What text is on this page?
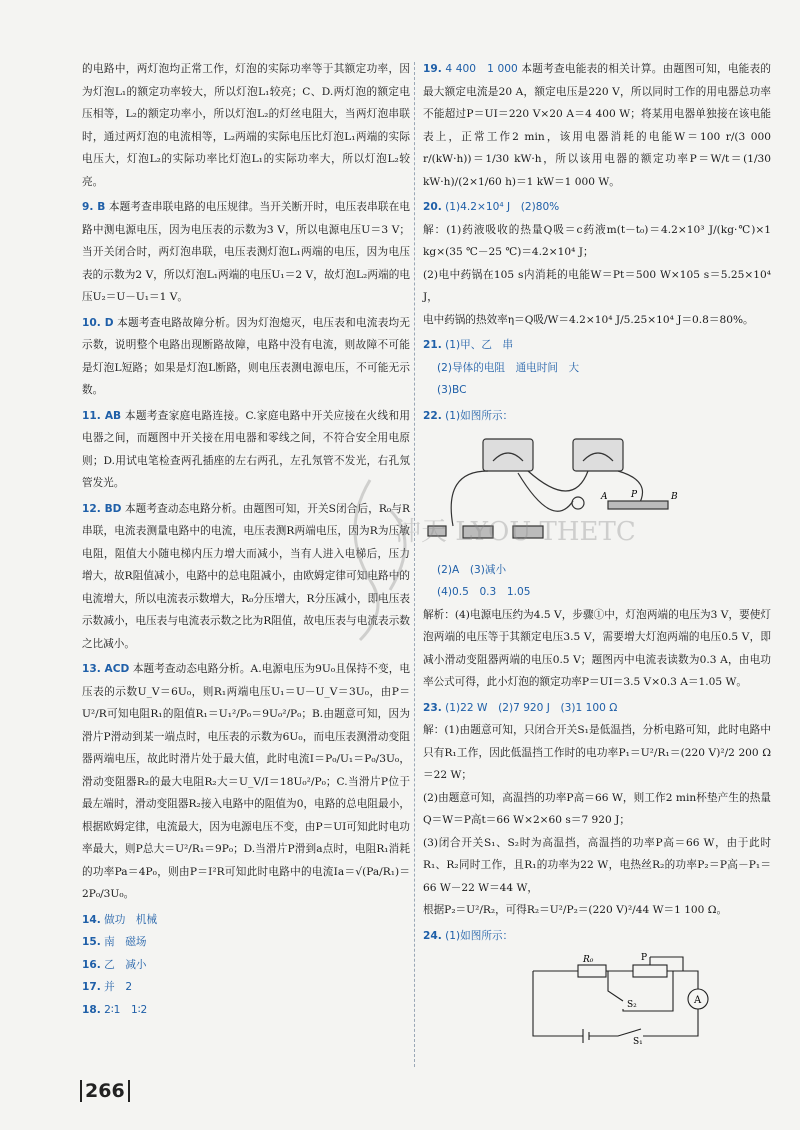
的电路中，两灯泡均正常工作，灯泡的实际功率等于其额定功率，因为灯泡L₁的额定功率较大，所以灯泡L₁较亮；C、D.两灯泡的额定电压相等，L₂的额定功率小，所以灯泡L₂的灯丝电阻大，当两灯泡串联时，通过两灯泡的电流相等，L₂两端的实际电压比灯泡L₁两端的实际电压大，灯泡L₂的实际功率比灯泡L₁的实际功率大，所以灯泡L₂较亮。

9. B 本题考查串联电路的电压规律。当开关断开时，电压表串联在电路中测电源电压，因为电压表的示数为3 V，所以电源电压U＝3 V；当开关闭合时，两灯泡串联，电压表测灯泡L₁两端的电压，因为电压表的示数为2 V，所以灯泡L₁两端的电压U₁＝2 V，故灯泡L₂两端的电压U₂＝U－U₁＝1 V。

10. D 本题考查电路故障分析。因为灯泡熄灭，电压表和电流表均无示数，说明整个电路出现断路故障，电路中没有电流，则故障不可能是灯泡L短路；如果是灯泡L断路，则电压表测电源电压，不可能无示数。

11. AB 本题考查家庭电路连接。C.家庭电路中开关应接在火线和用电器之间，而题图中开关接在用电器和零线之间，不符合安全用电原则；D.用试电笔检查两孔插座的左右两孔，左孔氖管不发光，右孔氖管发光。

12. BD 本题考查动态电路分析。由题图可知，开关S闭合后，R₀与R串联，电流表测量电路中的电流，电压表测R两端电压，因为R为压敏电阻，阻值大小随电梯内压力增大而减小，当有人进入电梯后，压力增大，故R阻值减小，电路中的总电阻减小，由欧姆定律可知电路中的电流增大，所以电流表示数增大，R₀分压增大，R分压减小，即电压表示数减小，电压表与电流表示数之比为R阻值，故电压表与电流表示数之比减小。

13. ACD 本题考查动态电路分析。A.电源电压为9U₀且保持不变，电压表的示数U_V＝6U₀，则R₁两端电压U₁＝U－U_V＝3U₀，由P＝U²/R可知电阻R₁的阻值R₁＝U₁²/P₀＝9U₀²/P₀；B.由题意可知，因为滑片P滑动到某一端点时，电压表的示数为6U₀，而电压表测滑动变阻器两端电压，故此时滑片处于最大值，此时电流I＝P₀/U₁＝P₀/3U₀，滑动变阻器R₂的最大电阻R₂大＝U_V/I＝18U₀²/P₀；C.当滑片P位于最左端时，滑动变阻器R₂接入电路中的阻值为0，电路的总电阻最小，根据欧姆定律，电流最大，因为电源电压不变，由P＝UI可知此时电功率最大，则P总大＝U²/R₁＝9P₀；D.当滑片P滑到a点时，电阻R₁消耗的功率Pa＝4P₀，则由P＝I²R可知此时电路中的电流Ia＝√(Pa/R₁)＝2P₀/3U₀。

14. 做功　机械

15. 南　磁场

16. 乙　减小

17. 并　2

18. 2∶1　1∶2

19. 4 400　1 000 本题考查电能表的相关计算。由题图可知，电能表的最大额定电流是20 A，额定电压是220 V，所以同时工作的用电器总功率不能超过P＝UI＝220 V×20 A＝4 400 W；将某用电器单独接在该电能表上，正常工作2 min，该用电器消耗的电能W＝100 r/(3 000 r/(kW·h))＝1/30 kW·h，所以该用电器的额定功率P＝W/t＝(1/30 kW·h)/(2×1/60 h)＝1 kW＝1 000 W。

20. (1)4.2×10⁴ J　(2)80%
解：(1)药液吸收的热量Q吸＝c药液m(t－t₀)＝4.2×10³ J/(kg·℃)×1 kg×(35 ℃－25 ℃)＝4.2×10⁴ J；
(2)电中药锅在105 s内消耗的电能W＝Pt＝500 W×105 s＝5.25×10⁴ J，
电中药锅的热效率η＝Q吸/W＝4.2×10⁴ J/5.25×10⁴ J＝0.8＝80%。
21. (1)甲、乙　串
(2)导体的电阻　通电时间　大
(3)BC
22. (1)如图所示：
A	P	B
(2)A　(3)减小
(4)0.5　0.3　1.05
解析：(4)电源电压约为4.5 V，步骤①中，灯泡两端的电压为3 V，要使灯泡两端的电压等于其额定电压3.5 V，需要增大灯泡两端的电压0.5 V，即减小滑动变阻器两端的电压0.5 V；题图丙中电流表读数为0.3 A，由电功率公式可得，此小灯泡的额定功率P＝UI＝3.5 V×0.3 A＝1.05 W。
23. (1)22 W　(2)7 920 J　(3)1 100 Ω
解：(1)由题意可知，只闭合开关S₁是低温挡，分析电路可知，此时电路中只有R₁工作，因此低温挡工作时的电功率P₁＝U²/R₁＝(220 V)²/2 200 Ω＝22 W；
(2)由题意可知，高温挡的功率P高＝66 W，则工作2 min杯垫产生的热量Q＝W＝P高t＝66 W×2×60 s＝7 920 J；
(3)闭合开关S₁、S₂时为高温挡，高温挡的功率P高＝66 W，由于此时R₁、R₂同时工作，且R₁的功率为22 W，电热丝R₂的功率P₂＝P高－P₁＝66 W－22 W＝44 W，
根据P₂＝U²/R₂，可得R₂＝U²/P₂＝(220 V)²/44 W＝1 100 Ω。
24. (1)如图所示：
R₀	P
A
S₂
S₁
沖天 LYOU THETC
266
